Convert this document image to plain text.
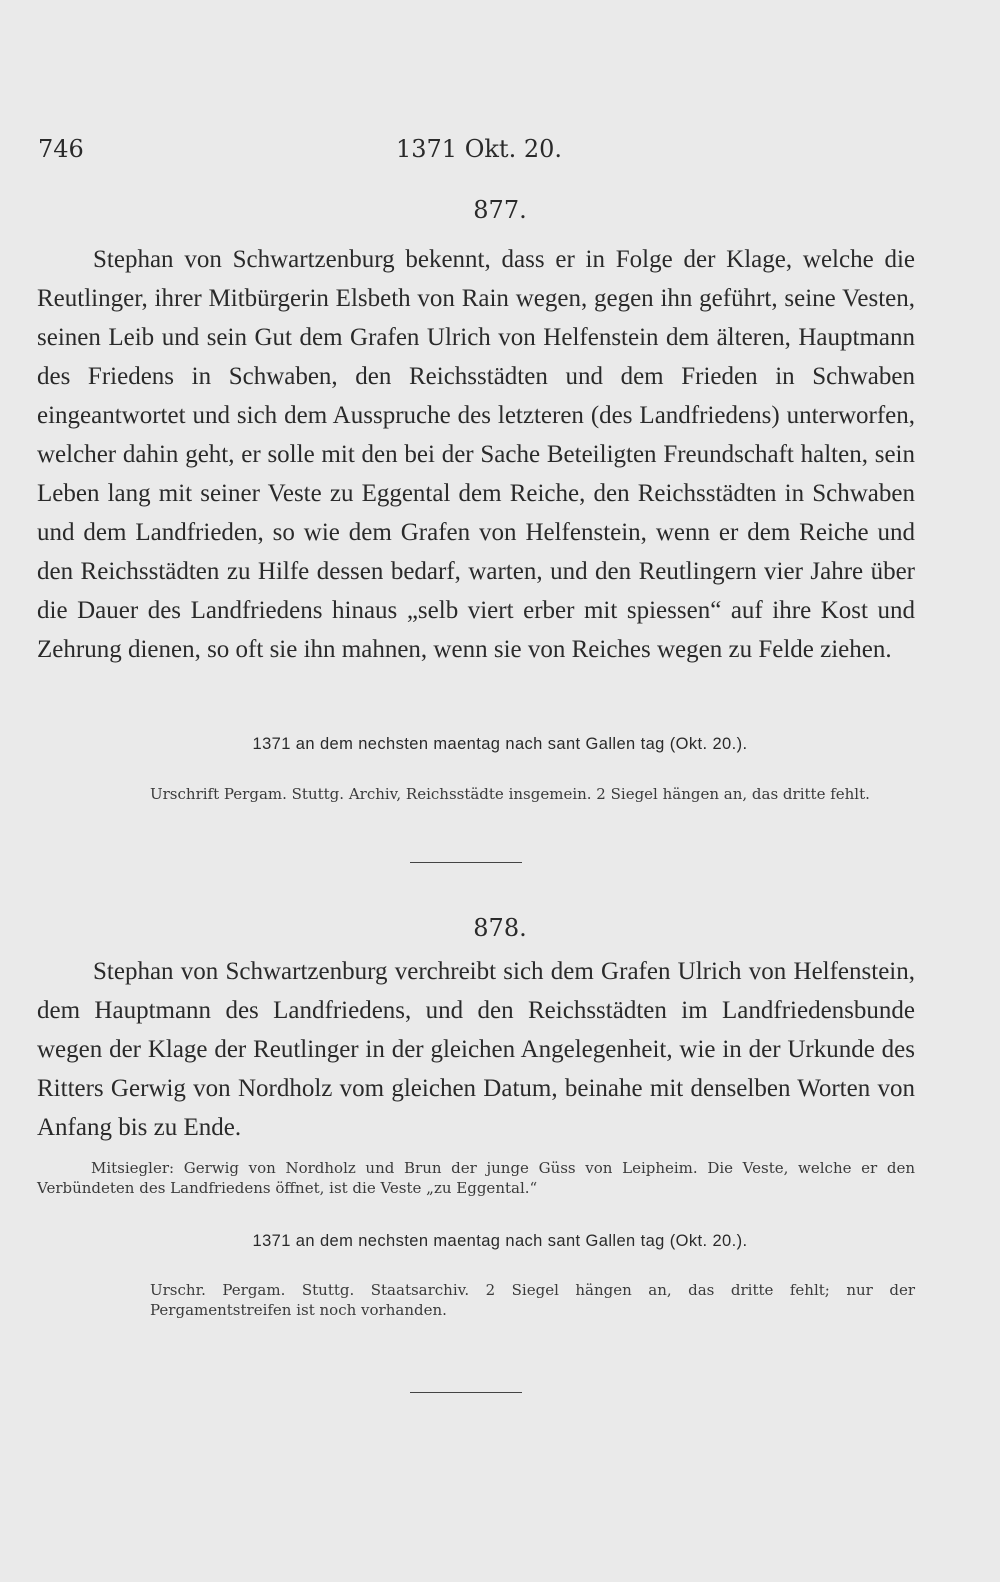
746	1371 Okt. 20.
877.

Stephan von Schwartzenburg bekennt, dass er in Folge der Klage, welche die Reutlinger, ihrer Mitbürgerin Elsbeth von Rain wegen, gegen ihn geführt, seine Vesten, seinen Leib und sein Gut dem Grafen Ulrich von Helfenstein dem älteren, Hauptmann des Friedens in Schwaben, den Reichsstädten und dem Frieden in Schwaben eingeantwortet und sich dem Ausspruche des letzteren (des Landfriedens) unterworfen, welcher dahin geht, er solle mit den bei der Sache Beteiligten Freundschaft halten, sein Leben lang mit seiner Veste zu Eggental dem Reiche, den Reichsstädten in Schwaben und dem Landfrieden, so wie dem Grafen von Helfenstein, wenn er dem Reiche und den Reichsstädten zu Hilfe dessen bedarf, warten, und den Reutlingern vier Jahre über die Dauer des Landfriedens hinaus „selb viert erber mit spiessen“ auf ihre Kost und Zehrung dienen, so oft sie ihn mahnen, wenn sie von Reiches wegen zu Felde ziehen.

1371 an dem nechsten maentag nach sant Gallen tag (Okt. 20.).

Urschrift Pergam. Stuttg. Archiv, Reichsstädte insgemein. 2 Siegel hängen an, das dritte fehlt.

878.

Stephan von Schwartzenburg verchreibt sich dem Grafen Ulrich von Helfenstein, dem Hauptmann des Landfriedens, und den Reichsstädten im Landfriedensbunde wegen der Klage der Reutlinger in der gleichen Angelegenheit, wie in der Urkunde des Ritters Gerwig von Nordholz vom gleichen Datum, beinahe mit denselben Worten von Anfang bis zu Ende.

Mitsiegler: Gerwig von Nordholz und Brun der junge Güss von Leipheim. Die Veste, welche er den Verbündeten des Landfriedens öffnet, ist die Veste „zu Eggental.“

1371 an dem nechsten maentag nach sant Gallen tag (Okt. 20.).

Urschr. Pergam. Stuttg. Staatsarchiv. 2 Siegel hängen an, das dritte fehlt; nur der Pergamentstreifen ist noch vorhanden.
